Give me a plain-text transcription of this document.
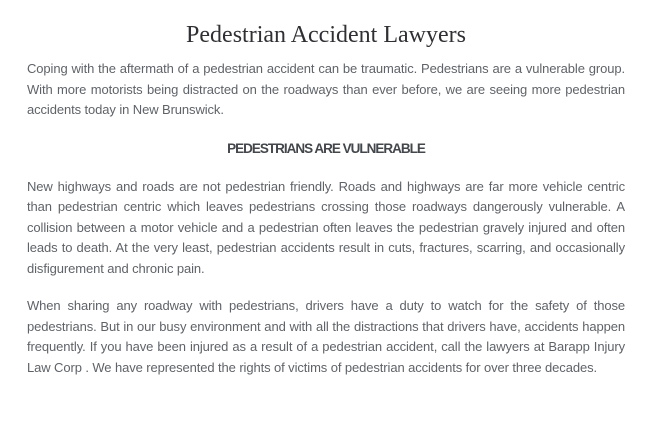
Pedestrian Accident Lawyers

Coping with the aftermath of a pedestrian accident can be traumatic. Pedestrians are a vulnerable group. With more motorists being distracted on the roadways than ever before, we are seeing more pedestrian accidents today in New Brunswick.

PEDESTRIANS ARE VULNERABLE

New highways and roads are not pedestrian friendly. Roads and highways are far more vehicle centric than pedestrian centric which leaves pedestrians crossing those roadways dangerously vulnerable. A collision between a motor vehicle and a pedestrian often leaves the pedestrian gravely injured and often leads to death. At the very least, pedestrian accidents result in cuts, fractures, scarring, and occasionally disfigurement and chronic pain.

When sharing any roadway with pedestrians, drivers have a duty to watch for the safety of those pedestrians. But in our busy environment and with all the distractions that drivers have, accidents happen frequently. If you have been injured as a result of a pedestrian accident, call the lawyers at Barapp Injury Law Corp . We have represented the rights of victims of pedestrian accidents for over three decades.
